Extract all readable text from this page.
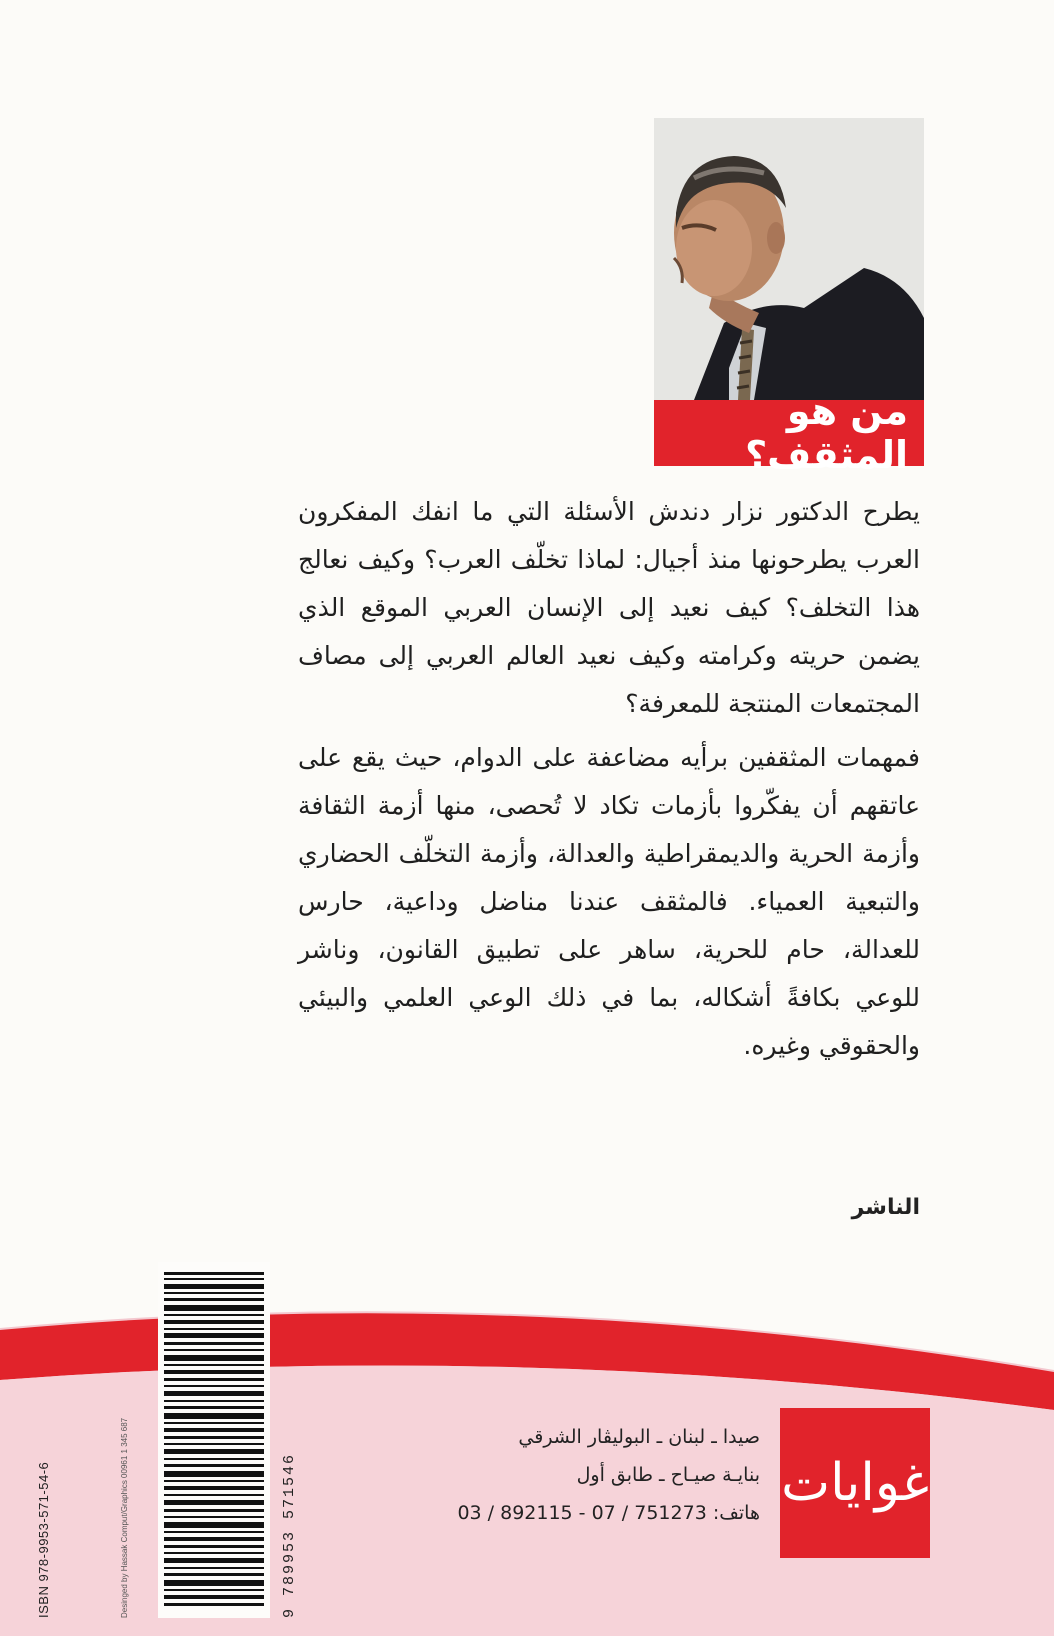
من هو المثقف؟

يطرح الدكتور نزار دندش الأسئلة التي ما انفك المفكرون العرب يطرحونها منذ أجيال: لماذا تخلّف العرب؟ وكيف نعالج هذا التخلف؟ كيف نعيد إلى الإنسان العربي الموقع الذي يضمن حريته وكرامته وكيف نعيد العالم العربي إلى مصاف المجتمعات المنتجة للمعرفة؟

فمهمات المثقفين برأيه مضاعفة على الدوام، حيث يقع على عاتقهم أن يفكّروا بأزمات تكاد لا تُحصى، منها أزمة الثقافة وأزمة الحرية والديمقراطية والعدالة، وأزمة التخلّف الحضاري والتبعية العمياء. فالمثقف عندنا مناضل وداعية، حارس للعدالة، حام للحرية، ساهر على تطبيق القانون، وناشر للوعي بكافةً أشكاله، بما في ذلك الوعي العلمي والبيئي والحقوقي وغيره.

الناشر
ISBN 978-9953-571-54-6	Desinged by Hassak Comput/Graphics 00961 1 345 687	9 789953 571546	غوايات
صيدا ـ لبنان ـ البوليڤار الشرقي
بنايـة صيـاح ـ طابق أول
هاتف: 751273 / 07 - 892115 / 03
